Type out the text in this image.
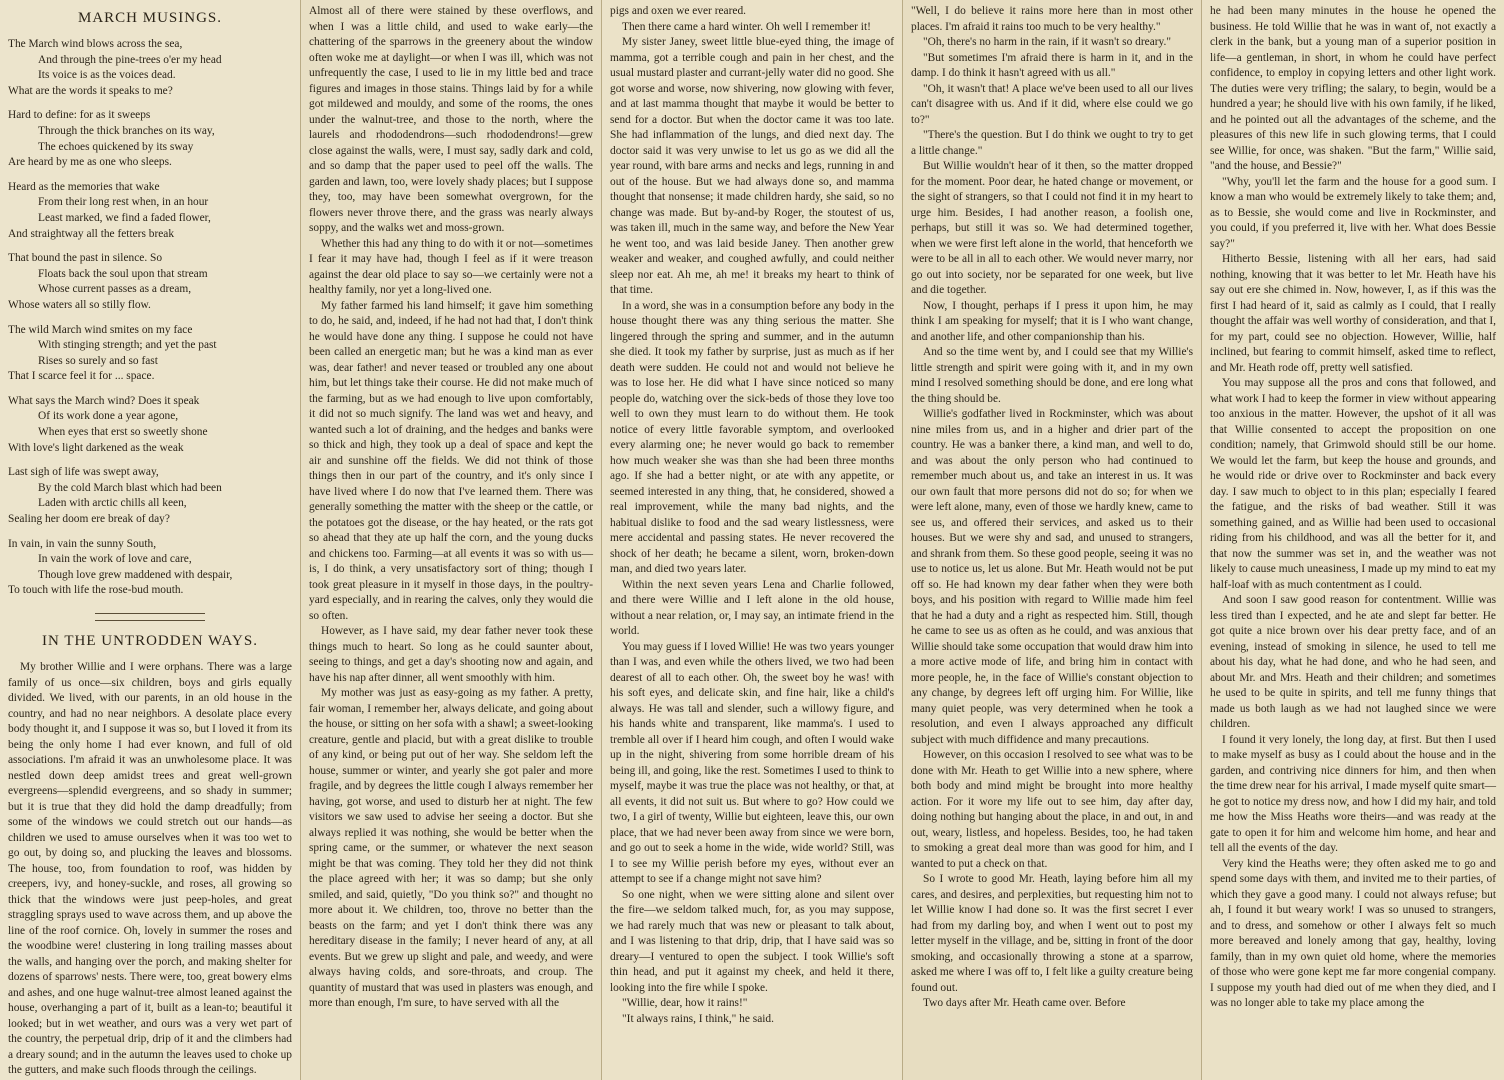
MARCH MUSINGS.
The March wind blows across the sea,
And through the pine-trees o'er my head
Its voice is as the voices dead.
What are the words it speaks to me?
Hard to define: for as it sweeps
Through the thick branches on its way,
The echoes quickened by its sway
Are heard by me as one who sleeps.
Heard as the memories that wake
From their long rest when, in an hour
Least marked, we find a faded flower,
And straightway all the fetters break
That bound the past in silence. So
Floats back the soul upon that stream
Whose current passes as a dream,
Whose waters all so stilly flow.
The wild March wind smites on my face
With stinging strength; and yet the past
Rises so surely and so fast
That I scarce feel it for ... space.
What says the March wind? Does it speak
Of its work done a year agone,
When eyes that erst so sweetly shone
With love's light darkened as the weak
Last sigh of life was swept away,
By the cold March blast which had been
Laden with arctic chills all keen,
Sealing her doom ere break of day?
In vain, in vain the sunny South,
In vain the work of love and care,
Though love grew maddened with despair,
To touch with life the rose-bud mouth.
IN THE UNTRODDEN WAYS.

My brother Willie and I were orphans. There was a large family of us once—six children, boys and girls equally divided. We lived, with our parents, in an old house in the country, and had no near neighbors. A desolate place every body thought it, and I suppose it was so, but I loved it from its being the only home I had ever known, and full of old associations. I'm afraid it was an unwholesome place. It was nestled down deep amidst trees and great well-grown evergreens—splendid evergreens, and so shady in summer; but it is true that they did hold the damp dreadfully; from some of the windows we could stretch out our hands—as children we used to amuse ourselves when it was too wet to go out, by doing so, and plucking the leaves and blossoms. The house, too, from foundation to roof, was hidden by creepers, ivy, and honey-suckle, and roses, all growing so thick that the windows were just peep-holes, and great straggling sprays used to wave across them, and up above the line of the roof cornice. Oh, lovely in summer the roses and the woodbine were! clustering in long trailing masses about the walls, and hanging over the porch, and making shelter for dozens of sparrows' nests. There were, too, great bowery elms and ashes, and one huge walnut-tree almost leaned against the house, overhanging a part of it, built as a lean-to; beautiful it looked; but in wet weather, and ours was a very wet part of the country, the perpetual drip, drip of it and the climbers had a dreary sound; and in the autumn the leaves used to choke up the gutters, and make such floods through the ceilings.

Almost all of there were stained by these overflows, and when I was a little child, and used to wake early—the chattering of the sparrows in the greenery about the window often woke me at daylight—or when I was ill, which was not unfrequently the case, I used to lie in my little bed and trace figures and images in those stains. Things laid by for a while got mildewed and mouldy, and some of the rooms, the ones under the walnut-tree, and those to the north, where the laurels and rhododendrons—such rhododendrons!—grew close against the walls, were, I must say, sadly dark and cold, and so damp that the paper used to peel off the walls. The garden and lawn, too, were lovely shady places; but I suppose they, too, may have been somewhat overgrown, for the flowers never throve there, and the grass was nearly always soppy, and the walks wet and moss-grown.

Whether this had any thing to do with it or not—sometimes I fear it may have had, though I feel as if it were treason against the dear old place to say so—we certainly were not a healthy family, nor yet a long-lived one.

My father farmed his land himself; it gave him something to do, he said, and, indeed, if he had not had that, I don't think he would have done any thing. I suppose he could not have been called an energetic man; but he was a kind man as ever was, dear father! and never teased or troubled any one about him, but let things take their course. He did not make much of the farming, but as we had enough to live upon comfortably, it did not so much signify. The land was wet and heavy, and wanted such a lot of draining, and the hedges and banks were so thick and high, they took up a deal of space and kept the air and sunshine off the fields. We did not think of those things then in our part of the country, and it's only since I have lived where I do now that I've learned them. There was generally something the matter with the sheep or the cattle, or the potatoes got the disease, or the hay heated, or the rats got so ahead that they ate up half the corn, and the young ducks and chickens too. Farming—at all events it was so with us—is, I do think, a very unsatisfactory sort of thing; though I took great pleasure in it myself in those days, in the poultry-yard especially, and in rearing the calves, only they would die so often.

However, as I have said, my dear father never took these things much to heart. So long as he could saunter about, seeing to things, and get a day's shooting now and again, and have his nap after dinner, all went smoothly with him.

My mother was just as easy-going as my father. A pretty, fair woman, I remember her, always delicate, and going about the house, or sitting on her sofa with a shawl; a sweet-looking creature, gentle and placid, but with a great dislike to trouble of any kind, or being put out of her way. She seldom left the house, summer or winter, and yearly she got paler and more fragile, and by degrees the little cough I always remember her having, got worse, and used to disturb her at night. The few visitors we saw used to advise her seeing a doctor. But she always replied it was nothing, she would be better when the spring came, or the summer, or whatever the next season might be that was coming. They told her they did not think the place agreed with her; it was so damp; but she only smiled, and said, quietly, "Do you think so?" and thought no more about it. We children, too, throve no better than the beasts on the farm; and yet I don't think there was any hereditary disease in the family; I never heard of any, at all events. But we grew up slight and pale, and weedy, and were always having colds, and sore-throats, and croup. The quantity of mustard that was used in plasters was enough, and more than enough, I'm sure, to have served with all the

pigs and oxen we ever reared.

Then there came a hard winter. Oh well I remember it!

My sister Janey, sweet little blue-eyed thing, the image of mamma, got a terrible cough and pain in her chest, and the usual mustard plaster and currant-jelly water did no good. She got worse and worse, now shivering, now glowing with fever, and at last mamma thought that maybe it would be better to send for a doctor. But when the doctor came it was too late. She had inflammation of the lungs, and died next day. The doctor said it was very unwise to let us go as we did all the year round, with bare arms and necks and legs, running in and out of the house. But we had always done so, and mamma thought that nonsense; it made children hardy, she said, so no change was made. But by-and-by Roger, the stoutest of us, was taken ill, much in the same way, and before the New Year he went too, and was laid beside Janey. Then another grew weaker and weaker, and coughed awfully, and could neither sleep nor eat. Ah me, ah me! it breaks my heart to think of that time.

In a word, she was in a consumption before any body in the house thought there was any thing serious the matter. She lingered through the spring and summer, and in the autumn she died. It took my father by surprise, just as much as if her death were sudden. He could not and would not believe he was to lose her. He did what I have since noticed so many people do, watching over the sick-beds of those they love too well to own they must learn to do without them. He took notice of every little favorable symptom, and overlooked every alarming one; he never would go back to remember how much weaker she was than she had been three months ago. If she had a better night, or ate with any appetite, or seemed interested in any thing, that, he considered, showed a real improvement, while the many bad nights, and the habitual dislike to food and the sad weary listlessness, were mere accidental and passing states. He never recovered the shock of her death; he became a silent, worn, broken-down man, and died two years later.

Within the next seven years Lena and Charlie followed, and there were Willie and I left alone in the old house, without a near relation, or, I may say, an intimate friend in the world.

You may guess if I loved Willie! He was two years younger than I was, and even while the others lived, we two had been dearest of all to each other. Oh, the sweet boy he was! with his soft eyes, and delicate skin, and fine hair, like a child's always. He was tall and slender, such a willowy figure, and his hands white and transparent, like mamma's. I used to tremble all over if I heard him cough, and often I would wake up in the night, shivering from some horrible dream of his being ill, and going, like the rest. Sometimes I used to think to myself, maybe it was true the place was not healthy, or that, at all events, it did not suit us. But where to go? How could we two, I a girl of twenty, Willie but eighteen, leave this, our own place, that we had never been away from since we were born, and go out to seek a home in the wide, wide world? Still, was I to see my Willie perish before my eyes, without ever an attempt to see if a change might not save him?

So one night, when we were sitting alone and silent over the fire—we seldom talked much, for, as you may suppose, we had rarely much that was new or pleasant to talk about, and I was listening to that drip, drip, that I have said was so dreary—I ventured to open the subject. I took Willie's soft thin head, and put it against my cheek, and held it there, looking into the fire while I spoke.

"Willie, dear, how it rains!"

"It always rains, I think," he said.

"Well, I do believe it rains more here than in most other places. I'm afraid it rains too much to be very healthy."

"Oh, there's no harm in the rain, if it wasn't so dreary."

"But sometimes I'm afraid there is harm in it, and in the damp. I do think it hasn't agreed with us all."

"Oh, it wasn't that! A place we've been used to all our lives can't disagree with us. And if it did, where else could we go to?"

"There's the question. But I do think we ought to try to get a little change."

But Willie wouldn't hear of it then, so the matter dropped for the moment. Poor dear, he hated change or movement, or the sight of strangers, so that I could not find it in my heart to urge him. Besides, I had another reason, a foolish one, perhaps, but still it was so. We had determined together, when we were first left alone in the world, that henceforth we were to be all in all to each other. We would never marry, nor go out into society, nor be separated for one week, but live and die together.

Now, I thought, perhaps if I press it upon him, he may think I am speaking for myself; that it is I who want change, and another life, and other companionship than his.

And so the time went by, and I could see that my Willie's little strength and spirit were going with it, and in my own mind I resolved something should be done, and ere long what the thing should be.

Willie's godfather lived in Rockminster, which was about nine miles from us, and in a higher and drier part of the country. He was a banker there, a kind man, and well to do, and was about the only person who had continued to remember much about us, and take an interest in us. It was our own fault that more persons did not do so; for when we were left alone, many, even of those we hardly knew, came to see us, and offered their services, and asked us to their houses. But we were shy and sad, and unused to strangers, and shrank from them. So these good people, seeing it was no use to notice us, let us alone. But Mr. Heath would not be put off so. He had known my dear father when they were both boys, and his position with regard to Willie made him feel that he had a duty and a right as respected him. Still, though he came to see us as often as he could, and was anxious that Willie should take some occupation that would draw him into a more active mode of life, and bring him in contact with more people, he, in the face of Willie's constant objection to any change, by degrees left off urging him. For Willie, like many quiet people, was very determined when he took a resolution, and even I always approached any difficult subject with much diffidence and many precautions.

However, on this occasion I resolved to see what was to be done with Mr. Heath to get Willie into a new sphere, where both body and mind might be brought into more healthy action. For it wore my life out to see him, day after day, doing nothing but hanging about the place, in and out, in and out, weary, listless, and hopeless. Besides, too, he had taken to smoking a great deal more than was good for him, and I wanted to put a check on that.

So I wrote to good Mr. Heath, laying before him all my cares, and desires, and perplexities, but requesting him not to let Willie know I had done so. It was the first secret I ever had from my darling boy, and when I went out to post my letter myself in the village, and be, sitting in front of the door smoking, and occasionally throwing a stone at a sparrow, asked me where I was off to, I felt like a guilty creature being found out.

Two days after Mr. Heath came over. Before

he had been many minutes in the house he opened the business. He told Willie that he was in want of, not exactly a clerk in the bank, but a young man of a superior position in life—a gentleman, in short, in whom he could have perfect confidence, to employ in copying letters and other light work. The duties were very trifling; the salary, to begin, would be a hundred a year; he should live with his own family, if he liked, and he pointed out all the advantages of the scheme, and the pleasures of this new life in such glowing terms, that I could see Willie, for once, was shaken. "But the farm," Willie said, "and the house, and Bessie?"

"Why, you'll let the farm and the house for a good sum. I know a man who would be extremely likely to take them; and, as to Bessie, she would come and live in Rockminster, and you could, if you preferred it, live with her. What does Bessie say?"

Hitherto Bessie, listening with all her ears, had said nothing, knowing that it was better to let Mr. Heath have his say out ere she chimed in. Now, however, I, as if this was the first I had heard of it, said as calmly as I could, that I really thought the affair was well worthy of consideration, and that I, for my part, could see no objection. However, Willie, half inclined, but fearing to commit himself, asked time to reflect, and Mr. Heath rode off, pretty well satisfied.

You may suppose all the pros and cons that followed, and what work I had to keep the former in view without appearing too anxious in the matter. However, the upshot of it all was that Willie consented to accept the proposition on one condition; namely, that Grimwold should still be our home. We would let the farm, but keep the house and grounds, and he would ride or drive over to Rockminster and back every day. I saw much to object to in this plan; especially I feared the fatigue, and the risks of bad weather. Still it was something gained, and as Willie had been used to occasional riding from his childhood, and was all the better for it, and that now the summer was set in, and the weather was not likely to cause much uneasiness, I made up my mind to eat my half-loaf with as much contentment as I could.

And soon I saw good reason for contentment. Willie was less tired than I expected, and he ate and slept far better. He got quite a nice brown over his dear pretty face, and of an evening, instead of smoking in silence, he used to tell me about his day, what he had done, and who he had seen, and about Mr. and Mrs. Heath and their children; and sometimes he used to be quite in spirits, and tell me funny things that made us both laugh as we had not laughed since we were children.

I found it very lonely, the long day, at first. But then I used to make myself as busy as I could about the house and in the garden, and contriving nice dinners for him, and then when the time drew near for his arrival, I made myself quite smart—he got to notice my dress now, and how I did my hair, and told me how the Miss Heaths wore theirs—and was ready at the gate to open it for him and welcome him home, and hear and tell all the events of the day.

Very kind the Heaths were; they often asked me to go and spend some days with them, and invited me to their parties, of which they gave a good many. I could not always refuse; but ah, I found it but weary work! I was so unused to strangers, and to dress, and somehow or other I always felt so much more bereaved and lonely among that gay, healthy, loving family, than in my own quiet old home, where the memories of those who were gone kept me far more congenial company. I suppose my youth had died out of me when they died, and I was no longer able to take my place among the
